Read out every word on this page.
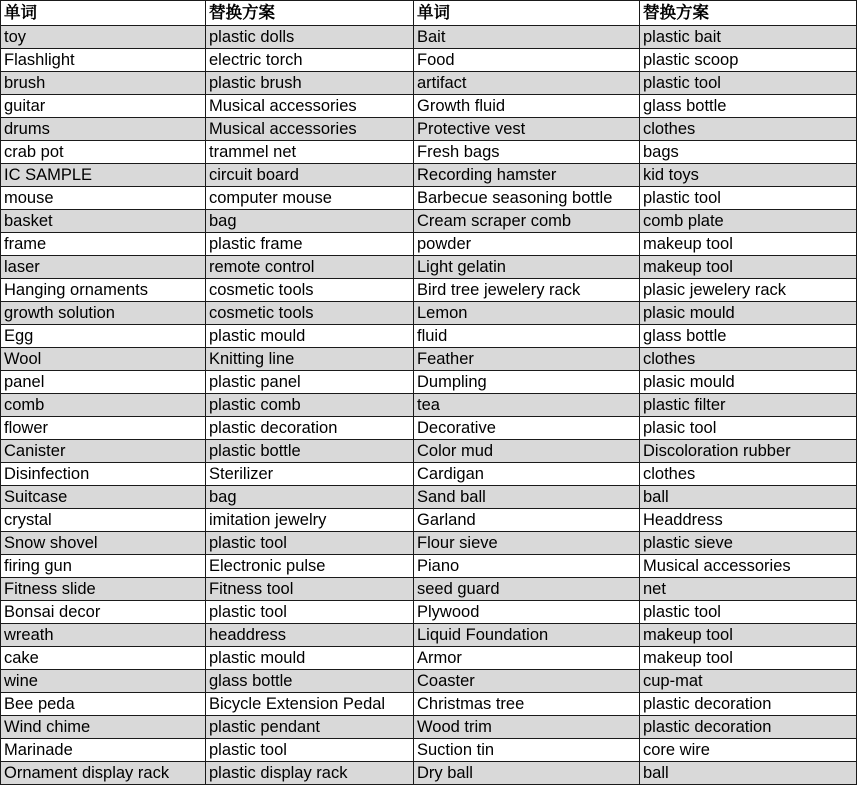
单词	替换方案	单词	替换方案
toy	plastic dolls	Bait	plastic bait
Flashlight	electric torch	Food	plastic scoop
brush	plastic brush	artifact	plastic tool
guitar	Musical accessories	Growth fluid	glass bottle
drums	Musical accessories	Protective vest	clothes
crab pot	trammel net	Fresh bags	bags
IC SAMPLE	circuit board	Recording hamster	kid toys
mouse	computer mouse	Barbecue seasoning bottle	plastic tool
basket	bag	Cream scraper comb	comb plate
frame	plastic frame	powder	makeup tool
laser	remote control	Light gelatin	makeup tool
Hanging ornaments	cosmetic tools	Bird tree jewelery rack	plasic jewelery rack
growth solution	cosmetic tools	Lemon	plasic mould
Egg	plastic mould	fluid	glass bottle
Wool	Knitting line	Feather	clothes
panel	plastic panel	Dumpling	plasic mould
comb	plastic comb	tea	plastic filter
flower	plastic decoration	Decorative	plasic tool
Canister	plastic bottle	Color mud	Discoloration rubber
Disinfection	Sterilizer	Cardigan	clothes
Suitcase	bag	Sand ball	ball
crystal	imitation jewelry	Garland	Headdress
Snow shovel	plastic tool	Flour sieve	plastic sieve
firing gun	Electronic pulse	Piano	Musical accessories
Fitness slide	Fitness tool	seed guard	net
Bonsai decor	plastic tool	Plywood	plastic tool
wreath	headdress	Liquid Foundation	makeup tool
cake	plastic mould	Armor	makeup tool
wine	glass bottle	Coaster	cup-mat
Bee peda	Bicycle Extension Pedal	Christmas tree	plastic decoration
Wind chime	plastic pendant	Wood trim	plastic decoration
Marinade	plastic tool	Suction tin	core wire
Ornament display rack	plastic display rack	Dry ball	ball
